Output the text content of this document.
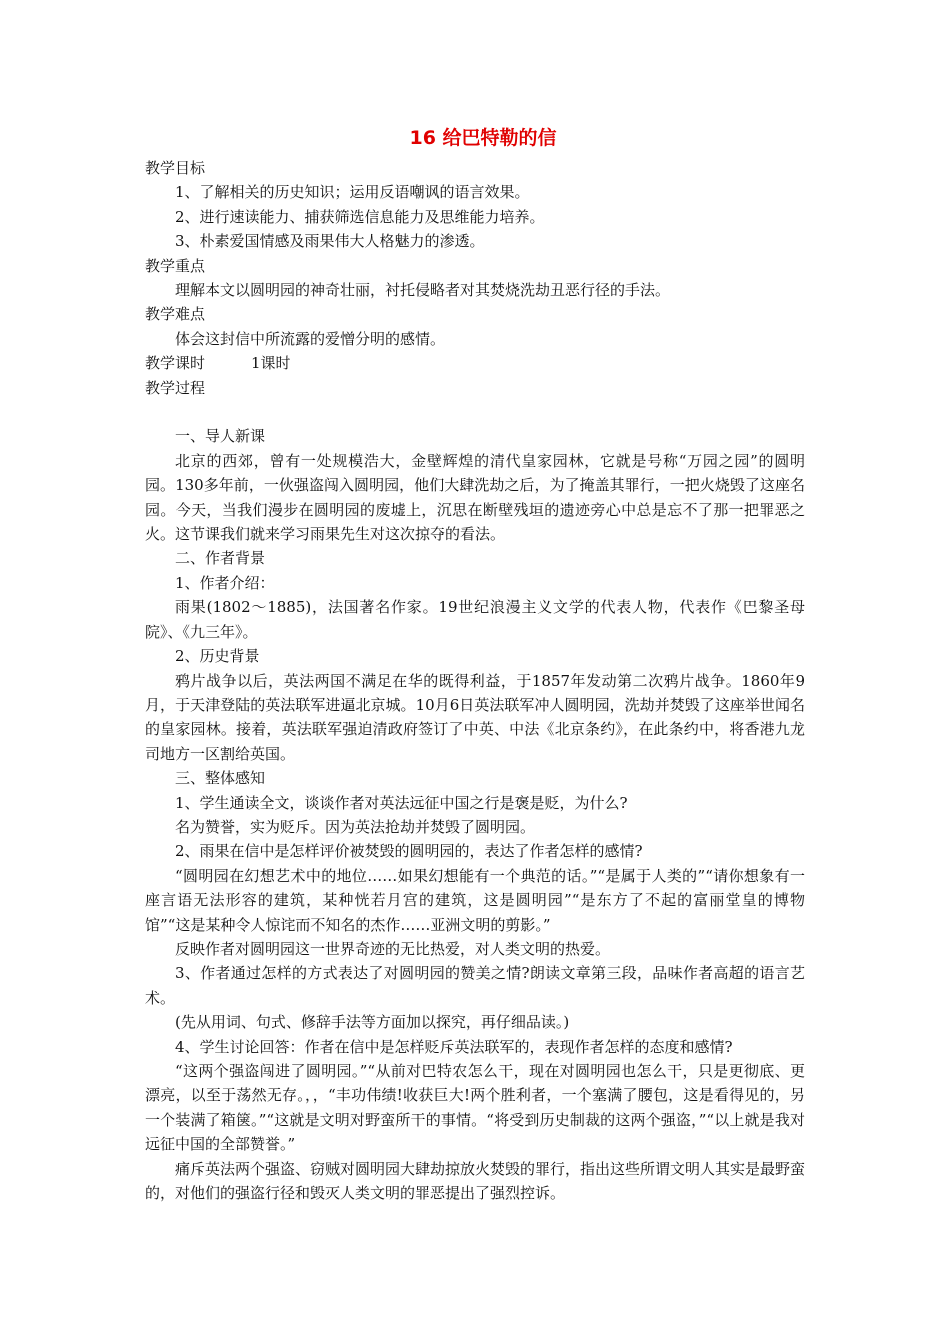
16 给巴特勒的信

教学目标

1、了解相关的历史知识；运用反语嘲讽的语言效果。

2、进行速读能力、捕获筛选信息能力及思维能力培养。

3、朴素爱国情感及雨果伟大人格魅力的渗透。

教学重点

理解本文以圆明园的神奇壮丽，衬托侵略者对其焚烧洗劫丑恶行径的手法。

教学难点

体会这封信中所流露的爱憎分明的感情。

教学课时	1课时

教学过程

一、导人新课

北京的西郊，曾有一处规模浩大，金壁辉煌的清代皇家园林，它就是号称“万园之园”的圆明园。130多年前，一伙强盗闯入圆明园，他们大肆洗劫之后，为了掩盖其罪行，一把火烧毁了这座名园。今天，当我们漫步在圆明园的废墟上，沉思在断壁残垣的遗迹旁心中总是忘不了那一把罪恶之火。这节课我们就来学习雨果先生对这次掠夺的看法。

二、作者背景

1、作者介绍：

雨果(1802～1885)，法国著名作家。19世纪浪漫主义文学的代表人物，代表作《巴黎圣母院》、《九三年》。

2、历史背景

鸦片战争以后，英法两国不满足在华的既得利益，于1857年发动第二次鸦片战争。1860年9月，于天津登陆的英法联军进逼北京城。10月6日英法联军冲人圆明园，洗劫并焚毁了这座举世闻名的皇家园林。接着，英法联军强迫清政府签订了中英、中法《北京条约》，在此条约中，将香港九龙司地方一区割给英国。

三、整体感知

1、学生通读全文，谈谈作者对英法远征中国之行是褒是贬，为什么?

名为赞誉，实为贬斥。因为英法抢劫并焚毁了圆明园。

2、雨果在信中是怎样评价被焚毁的圆明园的，表达了作者怎样的感情?

“圆明园在幻想艺术中的地位……如果幻想能有一个典范的话。”“是属于人类的”“请你想象有一座言语无法形容的建筑，某种恍若月宫的建筑，这是圆明园”“是东方了不起的富丽堂皇的博物馆”“这是某种令人惊诧而不知名的杰作……亚洲文明的剪影。”

反映作者对圆明园这一世界奇迹的无比热爱，对人类文明的热爱。

3、作者通过怎样的方式表达了对圆明园的赞美之情?朗读文章第三段，品味作者高超的语言艺术。

(先从用词、句式、修辞手法等方面加以探究，再仔细品读。)

4、学生讨论回答：作者在信中是怎样贬斥英法联军的，表现作者怎样的态度和感情?

“这两个强盗闯进了圆明园。”“从前对巴特农怎么干，现在对圆明园也怎么干，只是更彻底、更漂亮，以至于荡然无存。，，“丰功伟绩!收获巨大!两个胜利者，一个塞满了腰包，这是看得见的，另一个装满了箱箧。”“这就是文明对野蛮所干的事情。“将受到历史制裁的这两个强盗，”“以上就是我对远征中国的全部赞誉。”

痛斥英法两个强盗、窃贼对圆明园大肆劫掠放火焚毁的罪行，指出这些所谓文明人其实是最野蛮的，对他们的强盗行径和毁灭人类文明的罪恶提出了强烈控诉。
